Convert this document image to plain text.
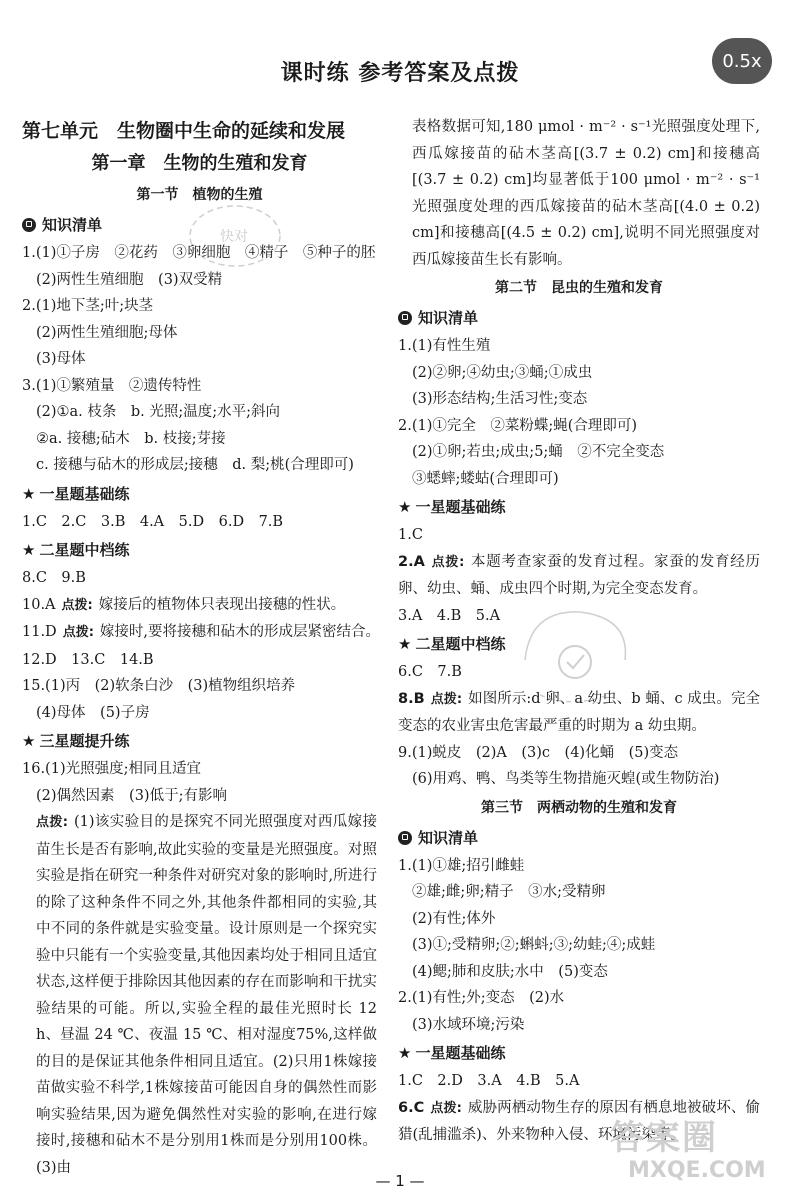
课时练 参考答案及点拨	0.5x
第七单元　生物圈中生命的延续和发展
第一章　生物的生殖和发育
第一节　植物的生殖
知识清单
1.(1)①子房　②花药　③卵细胞　④精子　⑤种子的胚
(2)两性生殖细胞　(3)双受精
2.(1)地下茎;叶;块茎
(2)两性生殖细胞;母体
(3)母体
3.(1)①繁殖量　②遗传特性
(2)①a. 枝条　b. 光照;温度;水平;斜向
②a. 接穗;砧木　b. 枝接;芽接
c. 接穗与砧木的形成层;接穗　d. 梨;桃(合理即可)
★ 一星题基础练
1.C　2.C　3.B　4.A　5.D　6.D　7.B
★ 二星题中档练
8.C　9.B
10.A 点拨: 嫁接后的植物体只表现出接穗的性状。
11.D 点拨: 嫁接时,要将接穗和砧木的形成层紧密结合。
12.D　13.C　14.B
15.(1)丙　(2)软条白沙　(3)植物组织培养
(4)母体　(5)子房
★ 三星题提升练
16.(1)光照强度;相同且适宜
(2)偶然因素　(3)低于;有影响
点拨: (1)该实验目的是探究不同光照强度对西瓜嫁接苗生长是否有影响,故此实验的变量是光照强度。对照实验是指在研究一种条件对研究对象的影响时,所进行的除了这种条件不同之外,其他条件都相同的实验,其中不同的条件就是实验变量。设计原则是一个探究实验中只能有一个实验变量,其他因素均处于相同且适宜状态,这样便于排除因其他因素的存在而影响和干扰实验结果的可能。所以,实验全程的最佳光照时长 12 h、昼温 24 ℃、夜温 15 ℃、相对湿度75%,这样做的目的是保证其他条件相同且适宜。(2)只用1株嫁接苗做实验不科学,1株嫁接苗可能因自身的偶然性而影响实验结果,因为避免偶然性对实验的影响,在进行嫁接时,接穗和砧木不是分别用1株而是分别用100株。(3)由
表格数据可知,180 μmol · m⁻² · s⁻¹光照强度处理下,西瓜嫁接苗的砧木茎高[(3.7 ± 0.2) cm]和接穗高[(3.7 ± 0.2) cm]均显著低于100 μmol · m⁻² · s⁻¹光照强度处理的西瓜嫁接苗的砧木茎高[(4.0 ± 0.2) cm]和接穗高[(4.5 ± 0.2) cm],说明不同光照强度对西瓜嫁接苗生长有影响。
第二节　昆虫的生殖和发育
知识清单
1.(1)有性生殖
(2)②卵;④幼虫;③蛹;①成虫
(3)形态结构;生活习性;变态
2.(1)①完全　②菜粉蝶;蝇(合理即可)
(2)①卵;若虫;成虫;5;蛹　②不完全变态
③蟋蟀;蝼蛄(合理即可)
★ 一星题基础练
1.C
2.A 点拨: 本题考查家蚕的发育过程。家蚕的发育经历卵、幼虫、蛹、成虫四个时期,为完全变态发育。
3.A　4.B　5.A
★ 二星题中档练
6.C　7.B
8.B 点拨: 如图所示:d 卵、a 幼虫、b 蛹、c 成虫。完全变态的农业害虫危害最严重的时期为 a 幼虫期。
9.(1)蜕皮　(2)A　(3)c　(4)化蛹　(5)变态
(6)用鸡、鸭、鸟类等生物措施灭蝗(或生物防治)
第三节　两栖动物的生殖和发育
知识清单
1.(1)①雄;招引雌蛙
②雄;雌;卵;精子　③水;受精卵
(2)有性;体外
(3)①;受精卵;②;蝌蚪;③;幼蛙;④;成蛙
(4)鳃;肺和皮肤;水中　(5)变态
2.(1)有性;外;变态　(2)水
(3)水域环境;污染
★ 一星题基础练
1.C　2.D　3.A　4.B　5.A
6.C 点拨: 威胁两栖动物生存的原因有栖息地被破坏、偷猎(乱捕滥杀)、外来物种入侵、环境污染等。
快对
答案圈
MXQE.COM
— 1 —
